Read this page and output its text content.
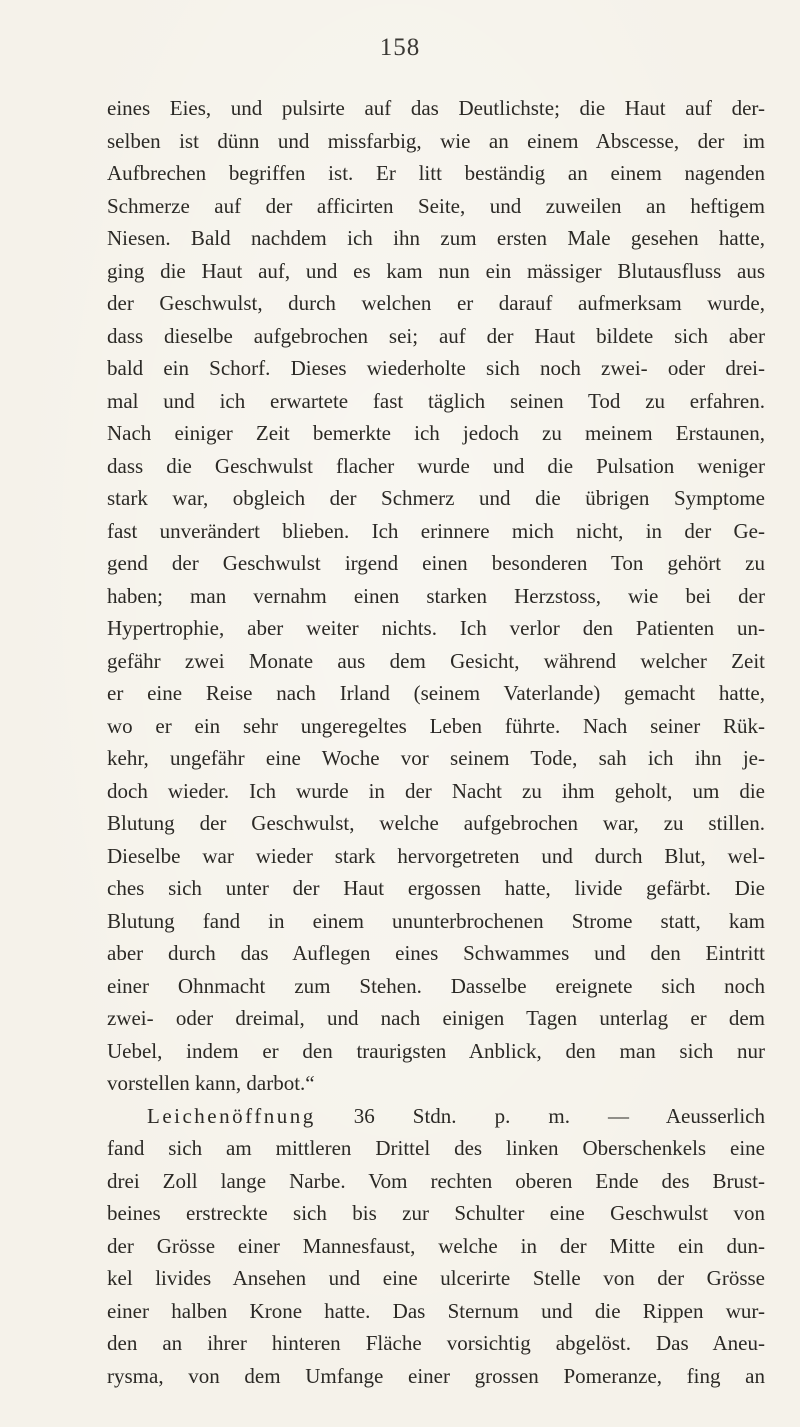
158
eines Eies, und pulsirte auf das Deutlichste; die Haut auf der-
selben ist dünn und missfarbig, wie an einem Abscesse, der im
Aufbrechen begriffen ist. Er litt beständig an einem nagenden
Schmerze auf der afficirten Seite, und zuweilen an heftigem
Niesen. Bald nachdem ich ihn zum ersten Male gesehen hatte,
ging die Haut auf, und es kam nun ein mässiger Blutausfluss aus
der Geschwulst, durch welchen er darauf aufmerksam wurde,
dass dieselbe aufgebrochen sei; auf der Haut bildete sich aber
bald ein Schorf. Dieses wiederholte sich noch zwei- oder drei-
mal und ich erwartete fast täglich seinen Tod zu erfahren.
Nach einiger Zeit bemerkte ich jedoch zu meinem Erstaunen,
dass die Geschwulst flacher wurde und die Pulsation weniger
stark war, obgleich der Schmerz und die übrigen Symptome
fast unverändert blieben. Ich erinnere mich nicht, in der Ge-
gend der Geschwulst irgend einen besonderen Ton gehört zu
haben; man vernahm einen starken Herzstoss, wie bei der
Hypertrophie, aber weiter nichts. Ich verlor den Patienten un-
gefähr zwei Monate aus dem Gesicht, während welcher Zeit
er eine Reise nach Irland (seinem Vaterlande) gemacht hatte,
wo er ein sehr ungeregeltes Leben führte. Nach seiner Rük-
kehr, ungefähr eine Woche vor seinem Tode, sah ich ihn je-
doch wieder. Ich wurde in der Nacht zu ihm geholt, um die
Blutung der Geschwulst, welche aufgebrochen war, zu stillen.
Dieselbe war wieder stark hervorgetreten und durch Blut, wel-
ches sich unter der Haut ergossen hatte, livide gefärbt. Die
Blutung fand in einem ununterbrochenen Strome statt, kam
aber durch das Auflegen eines Schwammes und den Eintritt
einer Ohnmacht zum Stehen. Dasselbe ereignete sich noch
zwei- oder dreimal, und nach einigen Tagen unterlag er dem
Uebel, indem er den traurigsten Anblick, den man sich nur
vorstellen kann, darbot.“
Leichenöffnung 36 Stdn. p. m. — Aeusserlich
fand sich am mittleren Drittel des linken Oberschenkels eine
drei Zoll lange Narbe. Vom rechten oberen Ende des Brust-
beines erstreckte sich bis zur Schulter eine Geschwulst von
der Grösse einer Mannesfaust, welche in der Mitte ein dun-
kel livides Ansehen und eine ulcerirte Stelle von der Grösse
einer halben Krone hatte. Das Sternum und die Rippen wur-
den an ihrer hinteren Fläche vorsichtig abgelöst. Das Aneu-
rysma, von dem Umfange einer grossen Pomeranze, fing an
